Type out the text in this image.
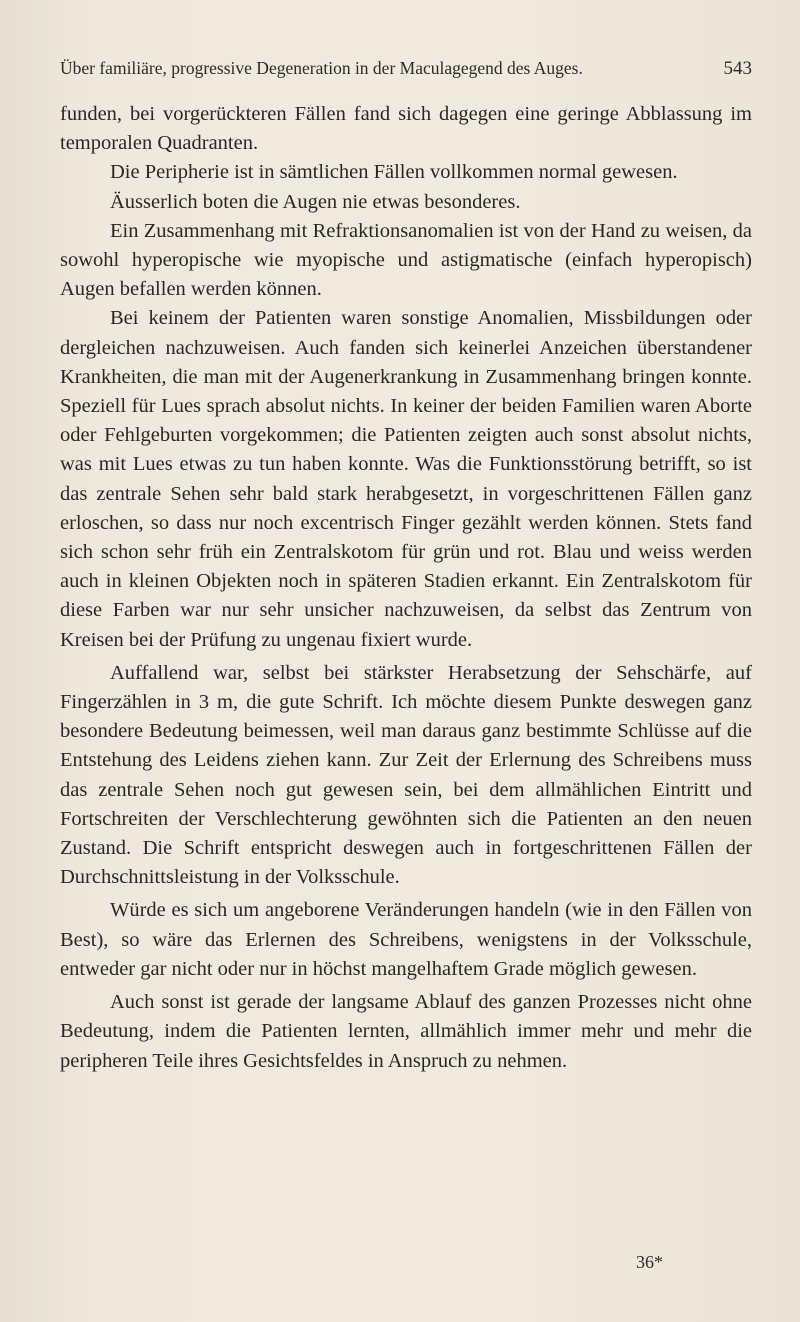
Über familiäre, progressive Degeneration in der Maculagegend des Auges.	543

funden, bei vorgerückteren Fällen fand sich dagegen eine geringe Abblassung im temporalen Quadranten.

Die Peripherie ist in sämtlichen Fällen vollkommen normal gewesen.

Äusserlich boten die Augen nie etwas besonderes.

Ein Zusammenhang mit Refraktionsanomalien ist von der Hand zu weisen, da sowohl hyperopische wie myopische und astigmatische (einfach hyperopisch) Augen befallen werden können.

Bei keinem der Patienten waren sonstige Anomalien, Missbildungen oder dergleichen nachzuweisen. Auch fanden sich keinerlei Anzeichen überstandener Krankheiten, die man mit der Augenerkrankung in Zusammenhang bringen konnte. Speziell für Lues sprach absolut nichts. In keiner der beiden Familien waren Aborte oder Fehlgeburten vorgekommen; die Patienten zeigten auch sonst absolut nichts, was mit Lues etwas zu tun haben konnte. Was die Funktionsstörung betrifft, so ist das zentrale Sehen sehr bald stark herabgesetzt, in vorgeschrittenen Fällen ganz erloschen, so dass nur noch excentrisch Finger gezählt werden können. Stets fand sich schon sehr früh ein Zentralskotom für grün und rot. Blau und weiss werden auch in kleinen Objekten noch in späteren Stadien erkannt. Ein Zentralskotom für diese Farben war nur sehr unsicher nachzuweisen, da selbst das Zentrum von Kreisen bei der Prüfung zu ungenau fixiert wurde.

Auffallend war, selbst bei stärkster Herabsetzung der Sehschärfe, auf Fingerzählen in 3 m, die gute Schrift. Ich möchte diesem Punkte deswegen ganz besondere Bedeutung beimessen, weil man daraus ganz bestimmte Schlüsse auf die Entstehung des Leidens ziehen kann. Zur Zeit der Erlernung des Schreibens muss das zentrale Sehen noch gut gewesen sein, bei dem allmählichen Eintritt und Fortschreiten der Verschlechterung gewöhnten sich die Patienten an den neuen Zustand. Die Schrift entspricht deswegen auch in fortgeschrittenen Fällen der Durchschnittsleistung in der Volksschule.

Würde es sich um angeborene Veränderungen handeln (wie in den Fällen von Best), so wäre das Erlernen des Schreibens, wenigstens in der Volksschule, entweder gar nicht oder nur in höchst mangelhaftem Grade möglich gewesen.

Auch sonst ist gerade der langsame Ablauf des ganzen Prozesses nicht ohne Bedeutung, indem die Patienten lernten, allmählich immer mehr und mehr die peripheren Teile ihres Gesichtsfeldes in Anspruch zu nehmen.

36*
